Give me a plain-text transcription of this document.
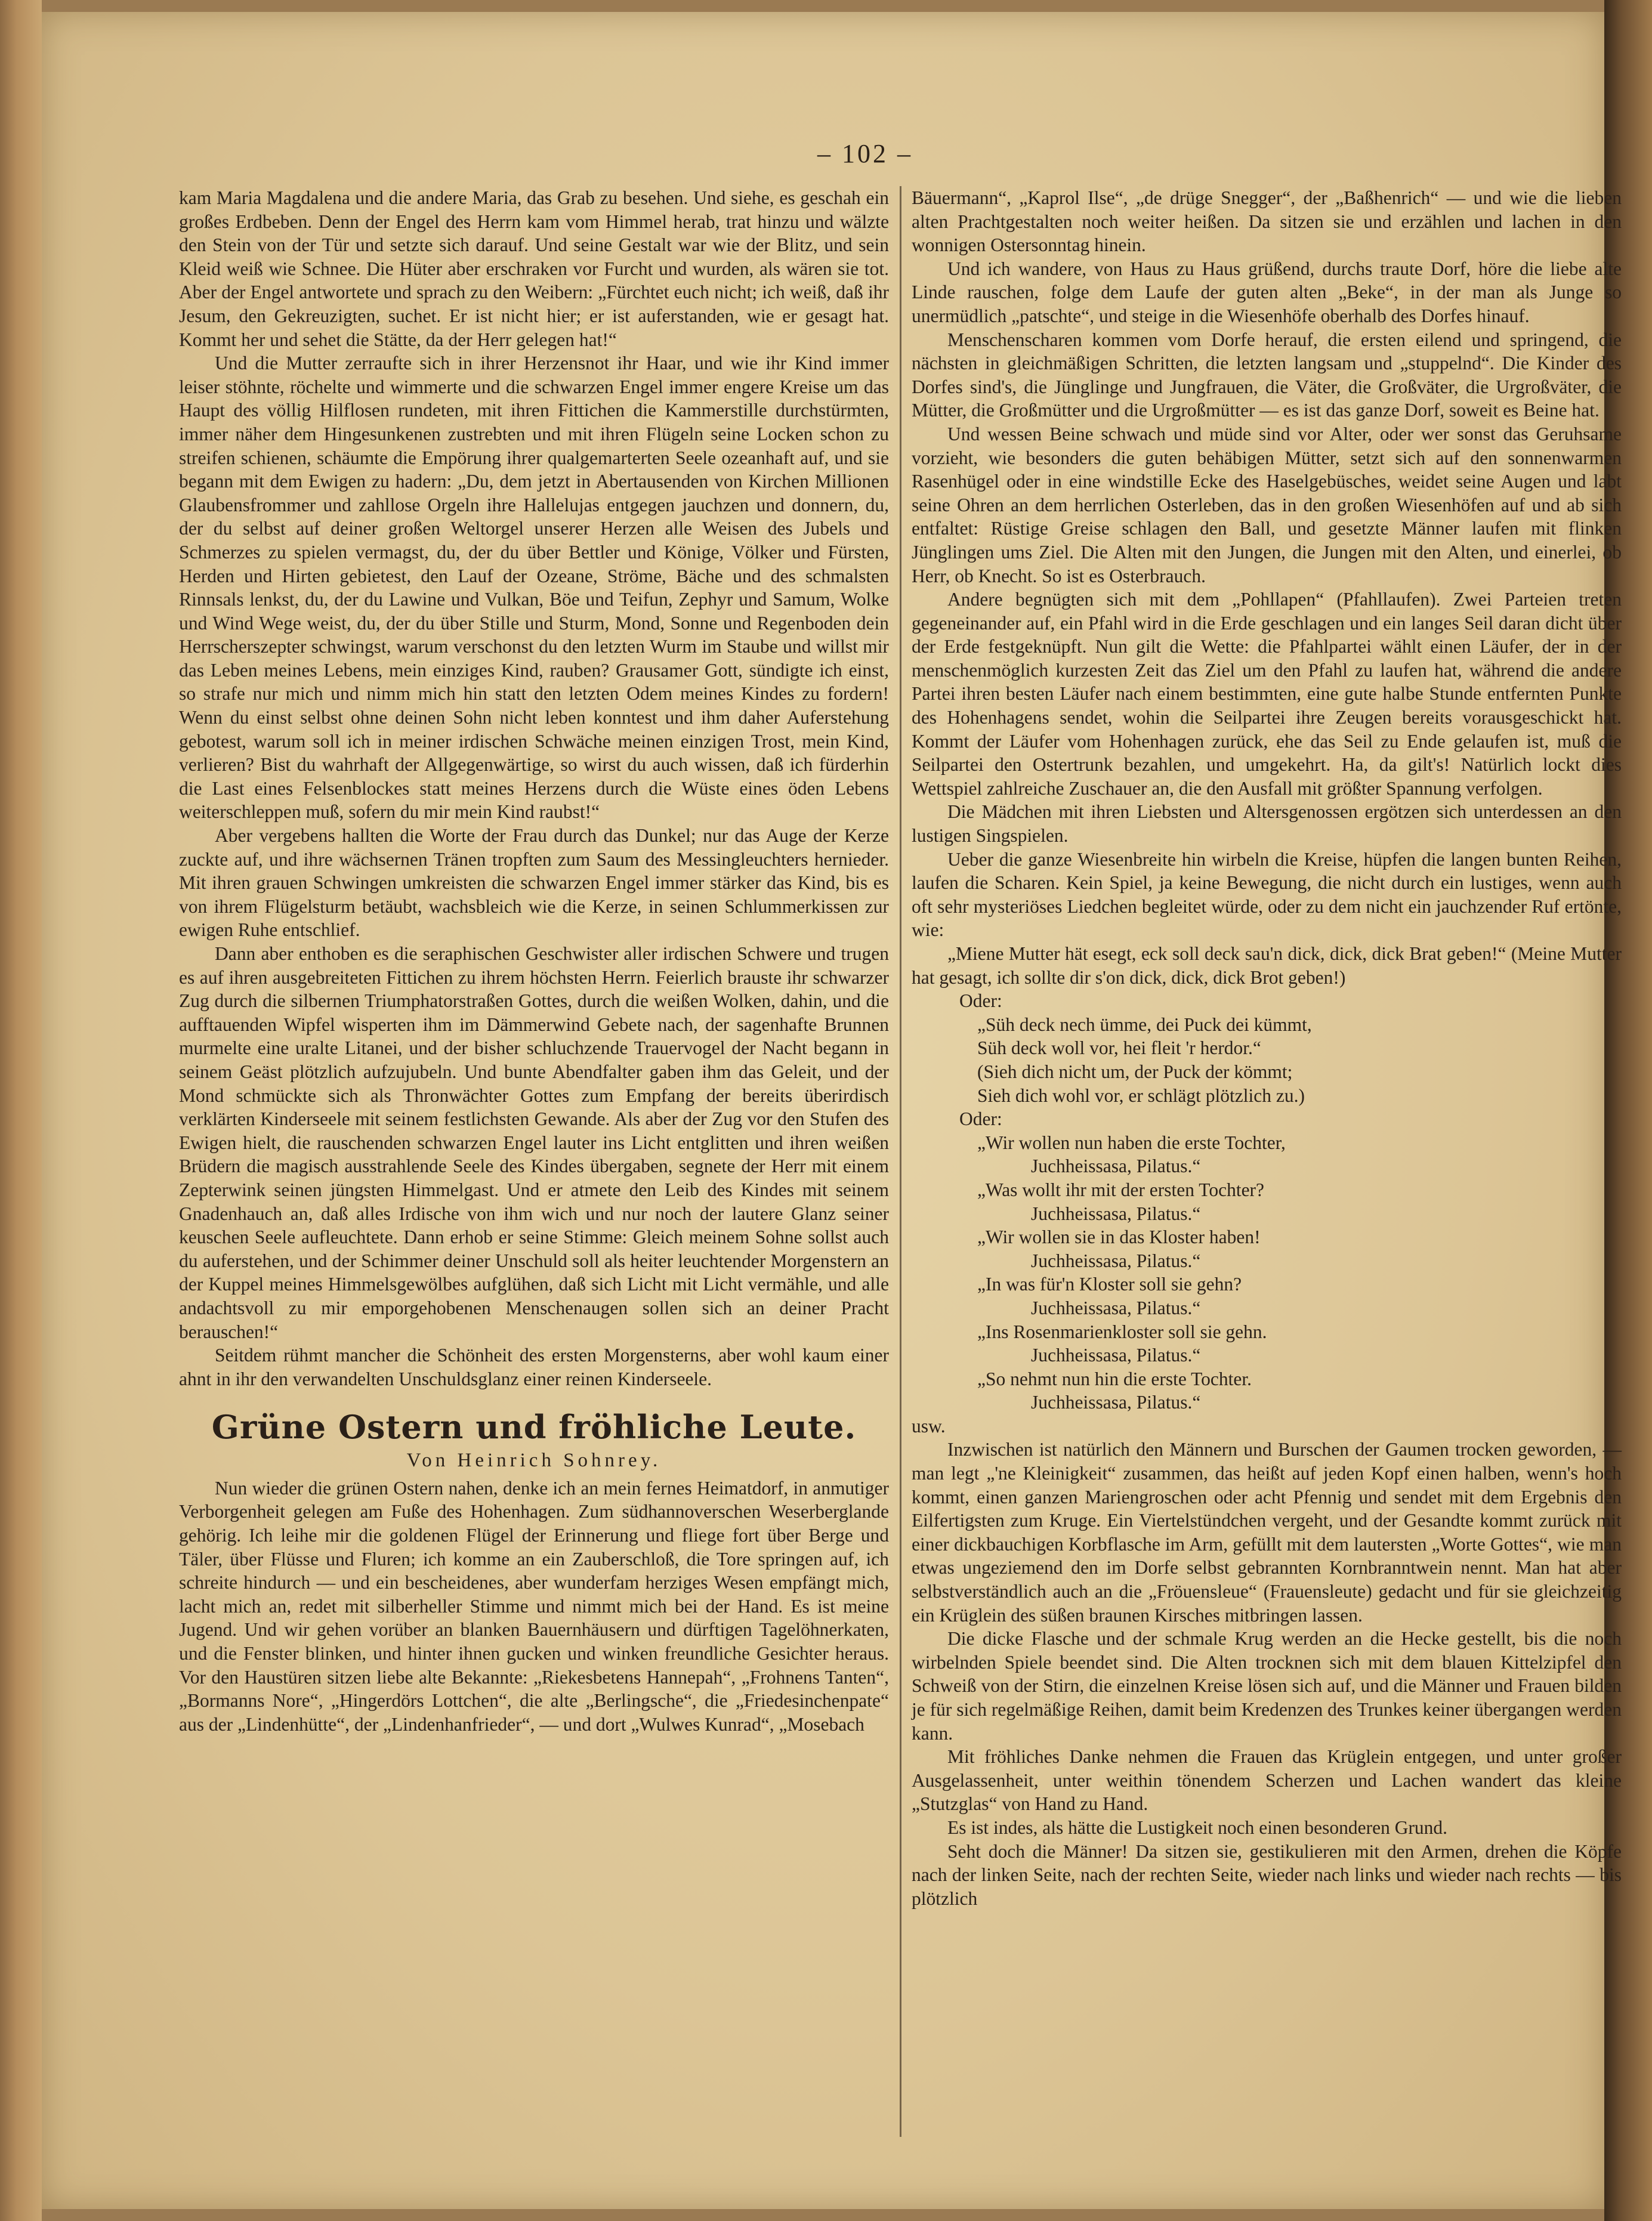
– 102 –

kam Maria Magdalena und die andere Maria, das Grab zu besehen. Und siehe, es geschah ein großes Erdbeben. Denn der Engel des Herrn kam vom Himmel herab, trat hinzu und wälzte den Stein von der Tür und setzte sich darauf. Und seine Gestalt war wie der Blitz, und sein Kleid weiß wie Schnee. Die Hüter aber erschraken vor Furcht und wurden, als wären sie tot. Aber der Engel antwortete und sprach zu den Weibern: „Fürchtet euch nicht; ich weiß, daß ihr Jesum, den Gekreuzigten, suchet. Er ist nicht hier; er ist auferstanden, wie er gesagt hat. Kommt her und sehet die Stätte, da der Herr gelegen hat!“

Und die Mutter zerraufte sich in ihrer Herzensnot ihr Haar, und wie ihr Kind immer leiser stöhnte, röchelte und wimmerte und die schwarzen Engel immer engere Kreise um das Haupt des völlig Hilflosen rundeten, mit ihren Fittichen die Kammerstille durchstürmten, immer näher dem Hingesunkenen zustrebten und mit ihren Flügeln seine Locken schon zu streifen schienen, schäumte die Empörung ihrer qualgemarterten Seele ozeanhaft auf, und sie begann mit dem Ewigen zu hadern: „Du, dem jetzt in Abertausenden von Kirchen Millionen Glaubensfrommer und zahllose Orgeln ihre Hallelujas entgegen jauchzen und donnern, du, der du selbst auf deiner großen Weltorgel unserer Herzen alle Weisen des Jubels und Schmerzes zu spielen vermagst, du, der du über Bettler und Könige, Völker und Fürsten, Herden und Hirten gebietest, den Lauf der Ozeane, Ströme, Bäche und des schmalsten Rinnsals lenkst, du, der du Lawine und Vulkan, Böe und Teifun, Zephyr und Samum, Wolke und Wind Wege weist, du, der du über Stille und Sturm, Mond, Sonne und Regenboden dein Herrscherszepter schwingst, warum verschonst du den letzten Wurm im Staube und willst mir das Leben meines Lebens, mein einziges Kind, rauben? Grausamer Gott, sündigte ich einst, so strafe nur mich und nimm mich hin statt den letzten Odem meines Kindes zu fordern! Wenn du einst selbst ohne deinen Sohn nicht leben konntest und ihm daher Auferstehung gebotest, warum soll ich in meiner irdischen Schwäche meinen einzigen Trost, mein Kind, verlieren? Bist du wahrhaft der Allgegenwärtige, so wirst du auch wissen, daß ich fürderhin die Last eines Felsenblockes statt meines Herzens durch die Wüste eines öden Lebens weiterschleppen muß, sofern du mir mein Kind raubst!“

Aber vergebens hallten die Worte der Frau durch das Dunkel; nur das Auge der Kerze zuckte auf, und ihre wächsernen Tränen tropften zum Saum des Messingleuchters hernieder. Mit ihren grauen Schwingen umkreisten die schwarzen Engel immer stärker das Kind, bis es von ihrem Flügelsturm betäubt, wachsbleich wie die Kerze, in seinen Schlummerkissen zur ewigen Ruhe entschlief.

Dann aber enthoben es die seraphischen Geschwister aller irdischen Schwere und trugen es auf ihren ausgebreiteten Fittichen zu ihrem höchsten Herrn. Feierlich brauste ihr schwarzer Zug durch die silbernen Triumphatorstraßen Gottes, durch die weißen Wolken, dahin, und die aufftauenden Wipfel wisperten ihm im Dämmerwind Gebete nach, der sagenhafte Brunnen murmelte eine uralte Litanei, und der bisher schluchzende Trauervogel der Nacht begann in seinem Geäst plötzlich aufzujubeln. Und bunte Abendfalter gaben ihm das Geleit, und der Mond schmückte sich als Thronwächter Gottes zum Empfang der bereits überirdisch verklärten Kinderseele mit seinem festlichsten Gewande. Als aber der Zug vor den Stufen des Ewigen hielt, die rauschenden schwarzen Engel lauter ins Licht entglitten und ihren weißen Brüdern die magisch ausstrahlende Seele des Kindes übergaben, segnete der Herr mit einem Zepterwink seinen jüngsten Himmelgast. Und er atmete den Leib des Kindes mit seinem Gnadenhauch an, daß alles Irdische von ihm wich und nur noch der lautere Glanz seiner keuschen Seele aufleuchtete. Dann erhob er seine Stimme: Gleich meinem Sohne sollst auch du auferstehen, und der Schimmer deiner Unschuld soll als heiter leuchtender Morgenstern an der Kuppel meines Himmelsgewölbes aufglühen, daß sich Licht mit Licht vermähle, und alle andachtsvoll zu mir emporgehobenen Menschenaugen sollen sich an deiner Pracht berauschen!“

Seitdem rühmt mancher die Schönheit des ersten Morgensterns, aber wohl kaum einer ahnt in ihr den verwandelten Unschuldsglanz einer reinen Kinderseele.

Grüne Ostern und fröhliche Leute.
Von Heinrich Sohnrey.

Nun wieder die grünen Ostern nahen, denke ich an mein fernes Heimatdorf, in anmutiger Verborgenheit gelegen am Fuße des Hohenhagen. Zum südhannoverschen Weserberglande gehörig. Ich leihe mir die goldenen Flügel der Erinnerung und fliege fort über Berge und Täler, über Flüsse und Fluren; ich komme an ein Zauberschloß, die Tore springen auf, ich schreite hindurch — und ein bescheidenes, aber wunderfam herziges Wesen empfängt mich, lacht mich an, redet mit silberheller Stimme und nimmt mich bei der Hand. Es ist meine Jugend. Und wir gehen vorüber an blanken Bauernhäusern und dürftigen Tagelöhnerkaten, und die Fenster blinken, und hinter ihnen gucken und winken freundliche Gesichter heraus. Vor den Haustüren sitzen liebe alte Bekannte: „Riekesbetens Hannepah“, „Frohnens Tanten“, „Bormanns Nore“, „Hingerdörs Lottchen“, die alte „Berlingsche“, die „Friedesinchenpate“ aus der „Lindenhütte“, der „Lindenhanfrieder“, — und dort „Wulwes Kunrad“, „Mosebach

Bäuermann“, „Kaprol Ilse“, „de drüge Snegger“, der „Baßhenrich“ — und wie die lieben alten Prachtgestalten noch weiter heißen. Da sitzen sie und erzählen und lachen in den wonnigen Ostersonntag hinein.

Und ich wandere, von Haus zu Haus grüßend, durchs traute Dorf, höre die liebe alte Linde rauschen, folge dem Laufe der guten alten „Beke“, in der man als Junge so unermüdlich „patschte“, und steige in die Wiesenhöfe oberhalb des Dorfes hinauf.

Menschenscharen kommen vom Dorfe herauf, die ersten eilend und springend, die nächsten in gleichmäßigen Schritten, die letzten langsam und „stuppelnd“. Die Kinder des Dorfes sind's, die Jünglinge und Jungfrauen, die Väter, die Großväter, die Urgroßväter, die Mütter, die Großmütter und die Urgroßmütter — es ist das ganze Dorf, soweit es Beine hat.

Und wessen Beine schwach und müde sind vor Alter, oder wer sonst das Geruhsame vorzieht, wie besonders die guten behäbigen Mütter, setzt sich auf den sonnenwarmen Rasenhügel oder in eine windstille Ecke des Haselgebüsches, weidet seine Augen und labt seine Ohren an dem herrlichen Osterleben, das in den großen Wiesenhöfen auf und ab sich entfaltet: Rüstige Greise schlagen den Ball, und gesetzte Männer laufen mit flinken Jünglingen ums Ziel. Die Alten mit den Jungen, die Jungen mit den Alten, und einerlei, ob Herr, ob Knecht. So ist es Osterbrauch.

Andere begnügten sich mit dem „Pohllapen“ (Pfahllaufen). Zwei Parteien treten gegeneinander auf, ein Pfahl wird in die Erde geschlagen und ein langes Seil daran dicht über der Erde festgeknüpft. Nun gilt die Wette: die Pfahlpartei wählt einen Läufer, der in der menschenmöglich kurzesten Zeit das Ziel um den Pfahl zu laufen hat, während die andere Partei ihren besten Läufer nach einem bestimmten, eine gute halbe Stunde entfernten Punkte des Hohenhagens sendet, wohin die Seilpartei ihre Zeugen bereits vorausgeschickt hat. Kommt der Läufer vom Hohenhagen zurück, ehe das Seil zu Ende gelaufen ist, muß die Seilpartei den Ostertrunk bezahlen, und umgekehrt. Ha, da gilt's! Natürlich lockt dies Wettspiel zahlreiche Zuschauer an, die den Ausfall mit größter Spannung verfolgen.

Die Mädchen mit ihren Liebsten und Altersgenossen ergötzen sich unterdessen an den lustigen Singspielen.

Ueber die ganze Wiesenbreite hin wirbeln die Kreise, hüpfen die langen bunten Reihen, laufen die Scharen. Kein Spiel, ja keine Bewegung, die nicht durch ein lustiges, wenn auch oft sehr mysteriöses Liedchen begleitet würde, oder zu dem nicht ein jauchzender Ruf ertönte, wie:

„Miene Mutter hät esegt, eck soll deck sau'n dick, dick, dick Brat geben!“ (Meine Mutter hat gesagt, ich sollte dir s'on dick, dick, dick Brot geben!)

Oder:
„Süh deck nech ümme, dei Puck dei kümmt,
Süh deck woll vor, hei fleit 'r herdor.“
(Sieh dich nicht um, der Puck der kömmt;
Sieh dich wohl vor, er schlägt plötzlich zu.)
Oder:
„Wir wollen nun haben die erste Tochter,
Juchheissasa, Pilatus.“
„Was wollt ihr mit der ersten Tochter?
Juchheissasa, Pilatus.“
„Wir wollen sie in das Kloster haben!
Juchheissasa, Pilatus.“
„In was für'n Kloster soll sie gehn?
Juchheissasa, Pilatus.“
„Ins Rosenmarienkloster soll sie gehn.
Juchheissasa, Pilatus.“
„So nehmt nun hin die erste Tochter.
Juchheissasa, Pilatus.“

usw.

Inzwischen ist natürlich den Männern und Burschen der Gaumen trocken geworden, — man legt „'ne Kleinigkeit“ zusammen, das heißt auf jeden Kopf einen halben, wenn's hoch kommt, einen ganzen Mariengroschen oder acht Pfennig und sendet mit dem Ergebnis den Eilfertigsten zum Kruge. Ein Viertelstündchen vergeht, und der Gesandte kommt zurück mit einer dickbauchigen Korbflasche im Arm, gefüllt mit dem lautersten „Worte Gottes“, wie man etwas ungeziemend den im Dorfe selbst gebrannten Kornbranntwein nennt. Man hat aber selbstverständlich auch an die „Fröuensleue“ (Frauensleute) gedacht und für sie gleichzeitig ein Krüglein des süßen braunen Kirsches mitbringen lassen.

Die dicke Flasche und der schmale Krug werden an die Hecke gestellt, bis die noch wirbelnden Spiele beendet sind. Die Alten trocknen sich mit dem blauen Kittelzipfel den Schweiß von der Stirn, die einzelnen Kreise lösen sich auf, und die Männer und Frauen bilden je für sich regelmäßige Reihen, damit beim Kredenzen des Trunkes keiner übergangen werden kann.

Mit fröhliches Danke nehmen die Frauen das Krüglein entgegen, und unter großer Ausgelassenheit, unter weithin tönendem Scherzen und Lachen wandert das kleine „Stutzglas“ von Hand zu Hand.

Es ist indes, als hätte die Lustigkeit noch einen besonderen Grund.

Seht doch die Männer! Da sitzen sie, gestikulieren mit den Armen, drehen die Köpfe nach der linken Seite, nach der rechten Seite, wieder nach links und wieder nach rechts — bis plötzlich
